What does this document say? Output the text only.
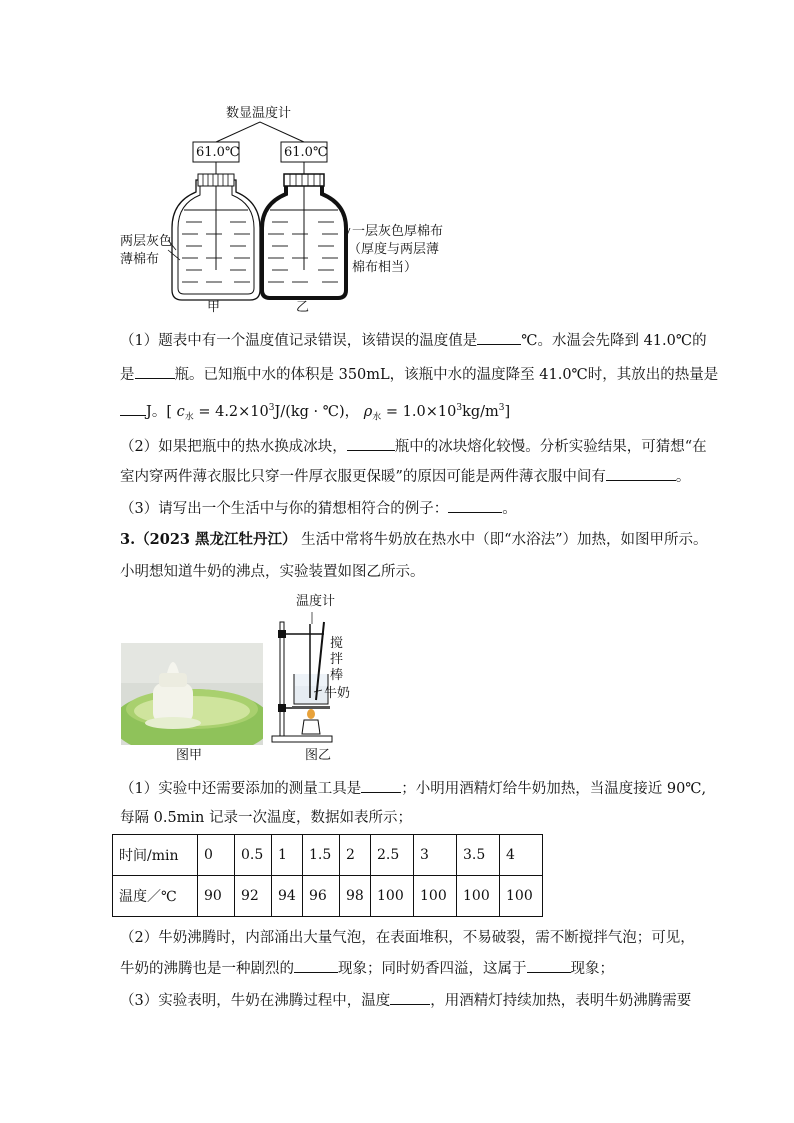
数显温度计
61.0℃	61.0℃
两层灰色
薄棉布
一层灰色厚棉布
（厚度与两层薄
棉布相当）
甲	乙
（1）题表中有一个温度值记录错误，该错误的温度值是	℃。水温会先降到 41.0℃的
是	瓶。已知瓶中水的体积是 350mL，该瓶中水的温度降至 41.0℃时，其放出的热量是
J。[ $c_水 = 4.2\times 10^3J/(kg$ · ℃)， $\rho_水 = 1.0\times 10^3kg/m^3$]
（2）如果把瓶中的热水换成冰块，	瓶中的冰块熔化较慢。分析实验结果，可猜想“在
室内穿两件薄衣服比只穿一件厚衣服更保暖”的原因可能是两件薄衣服中间有	。
（3）请写出一个生活中与你的猜想相符合的例子：	。
3.（2023 黑龙江牡丹江） 生活中常将牛奶放在热水中（即“水浴法”）加热，如图甲所示。
小明想知道牛奶的沸点，实验装置如图乙所示。
图甲
温度计
搅
拌
棒
牛奶
图乙
（1）实验中还需要添加的测量工具是	；小明用酒精灯给牛奶加热，当温度接近 90℃,
每隔 0.5min 记录一次温度，数据如表所示；
时间/min	0	0.5	1	1.5	2	2.5	3	3.5	4
温度／℃	90	92	94	96	98	100	100	100	100
（2）牛奶沸腾时，内部涌出大量气泡，在表面堆积，不易破裂，需不断搅拌气泡；可见，
牛奶的沸腾也是一种剧烈的	现象；同时奶香四溢，这属于	现象；
（3）实验表明，牛奶在沸腾过程中，温度	，用酒精灯持续加热，表明牛奶沸腾需要
